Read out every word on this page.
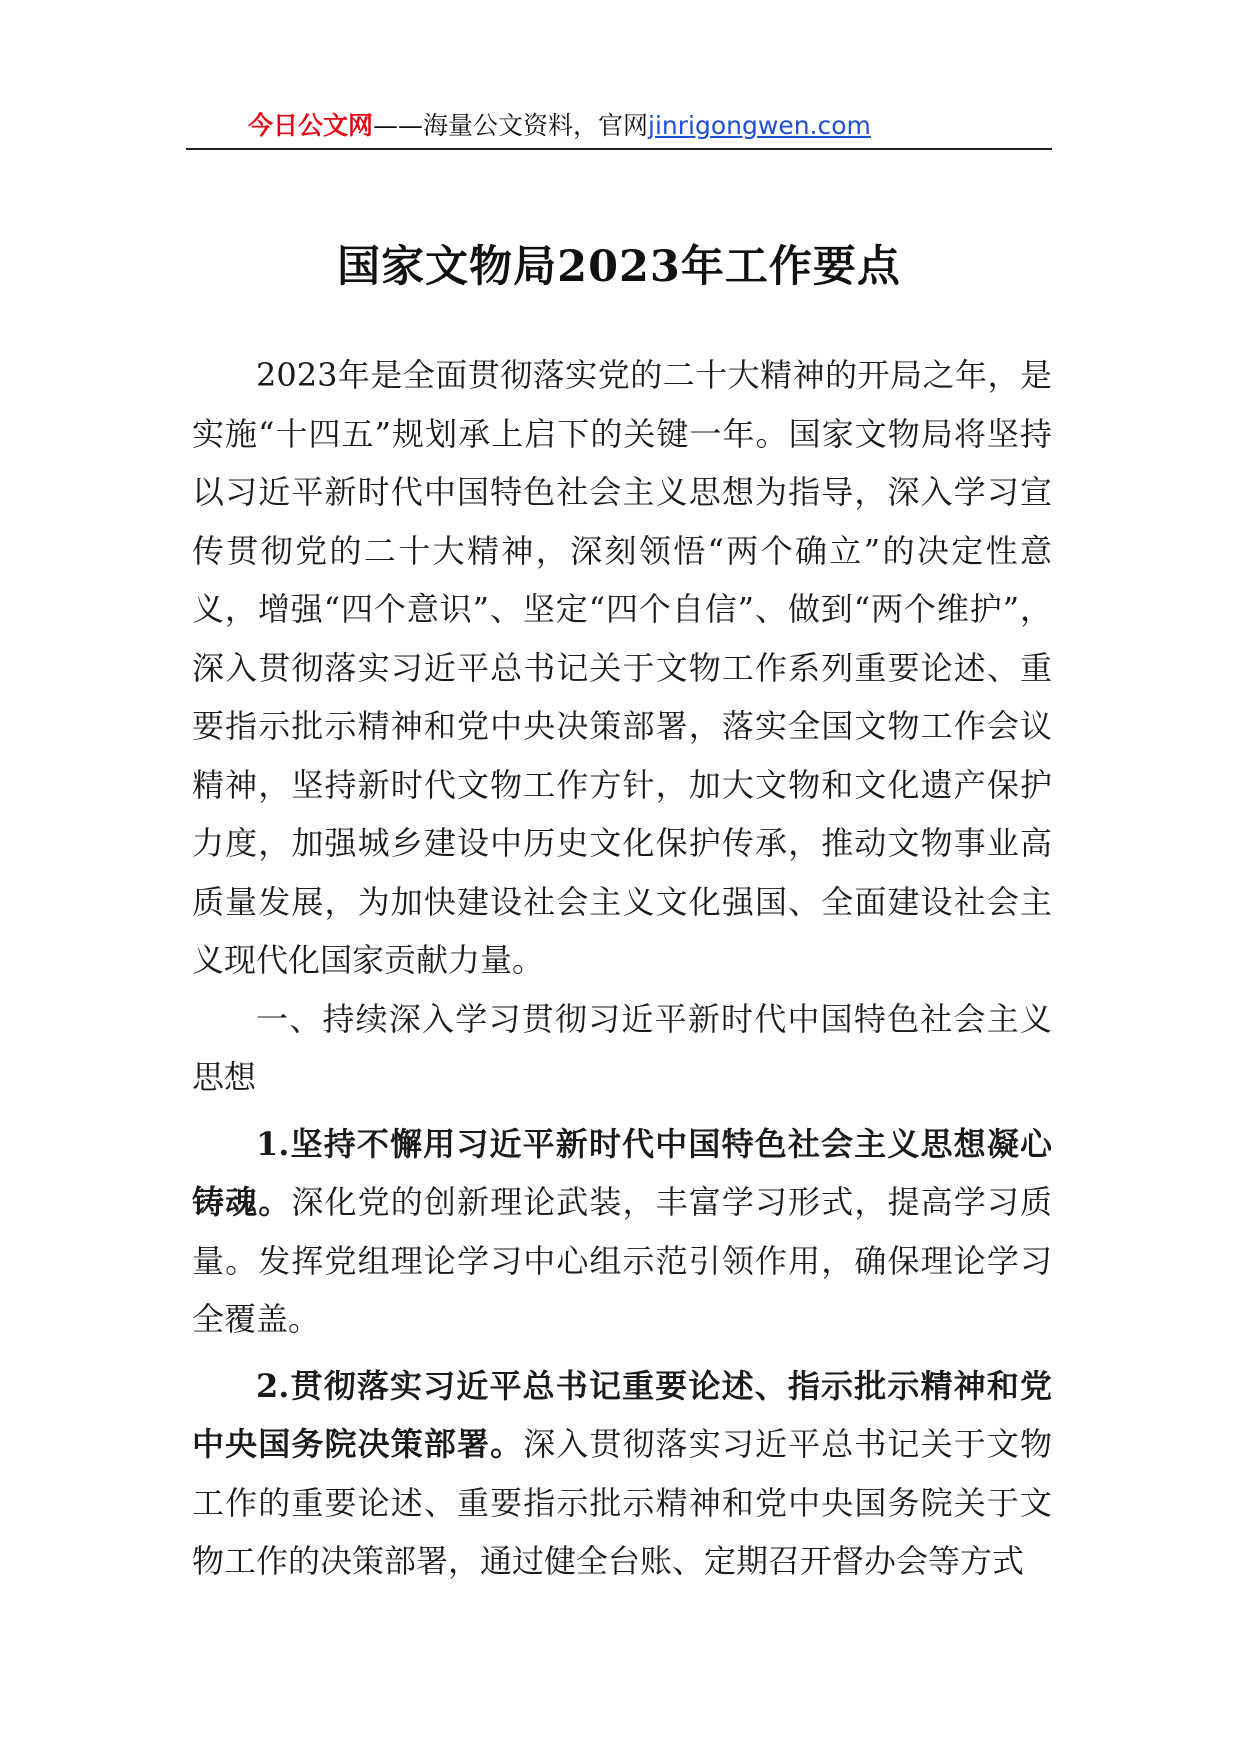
今日公文网——海量公文资料，官网jinrigongwen.com
国家文物局2023年工作要点

2023年是全面贯彻落实党的二十大精神的开局之年，是实施“十四五”规划承上启下的关键一年。国家文物局将坚持以习近平新时代中国特色社会主义思想为指导，深入学习宣传贯彻党的二十大精神，深刻领悟“两个确立”的决定性意义，增强“四个意识”、坚定“四个自信”、做到“两个维护”，深入贯彻落实习近平总书记关于文物工作系列重要论述、重要指示批示精神和党中央决策部署，落实全国文物工作会议精神，坚持新时代文物工作方针，加大文物和文化遗产保护力度，加强城乡建设中历史文化保护传承，推动文物事业高质量发展，为加快建设社会主义文化强国、全面建设社会主义现代化国家贡献力量。

一、持续深入学习贯彻习近平新时代中国特色社会主义思想

1.坚持不懈用习近平新时代中国特色社会主义思想凝心铸魂。深化党的创新理论武装，丰富学习形式，提高学习质量。发挥党组理论学习中心组示范引领作用，确保理论学习全覆盖。

2.贯彻落实习近平总书记重要论述、指示批示精神和党中央国务院决策部署。深入贯彻落实习近平总书记关于文物工作的重要论述、重要指示批示精神和党中央国务院关于文物工作的决策部署，通过健全台账、定期召开督办会等方式
